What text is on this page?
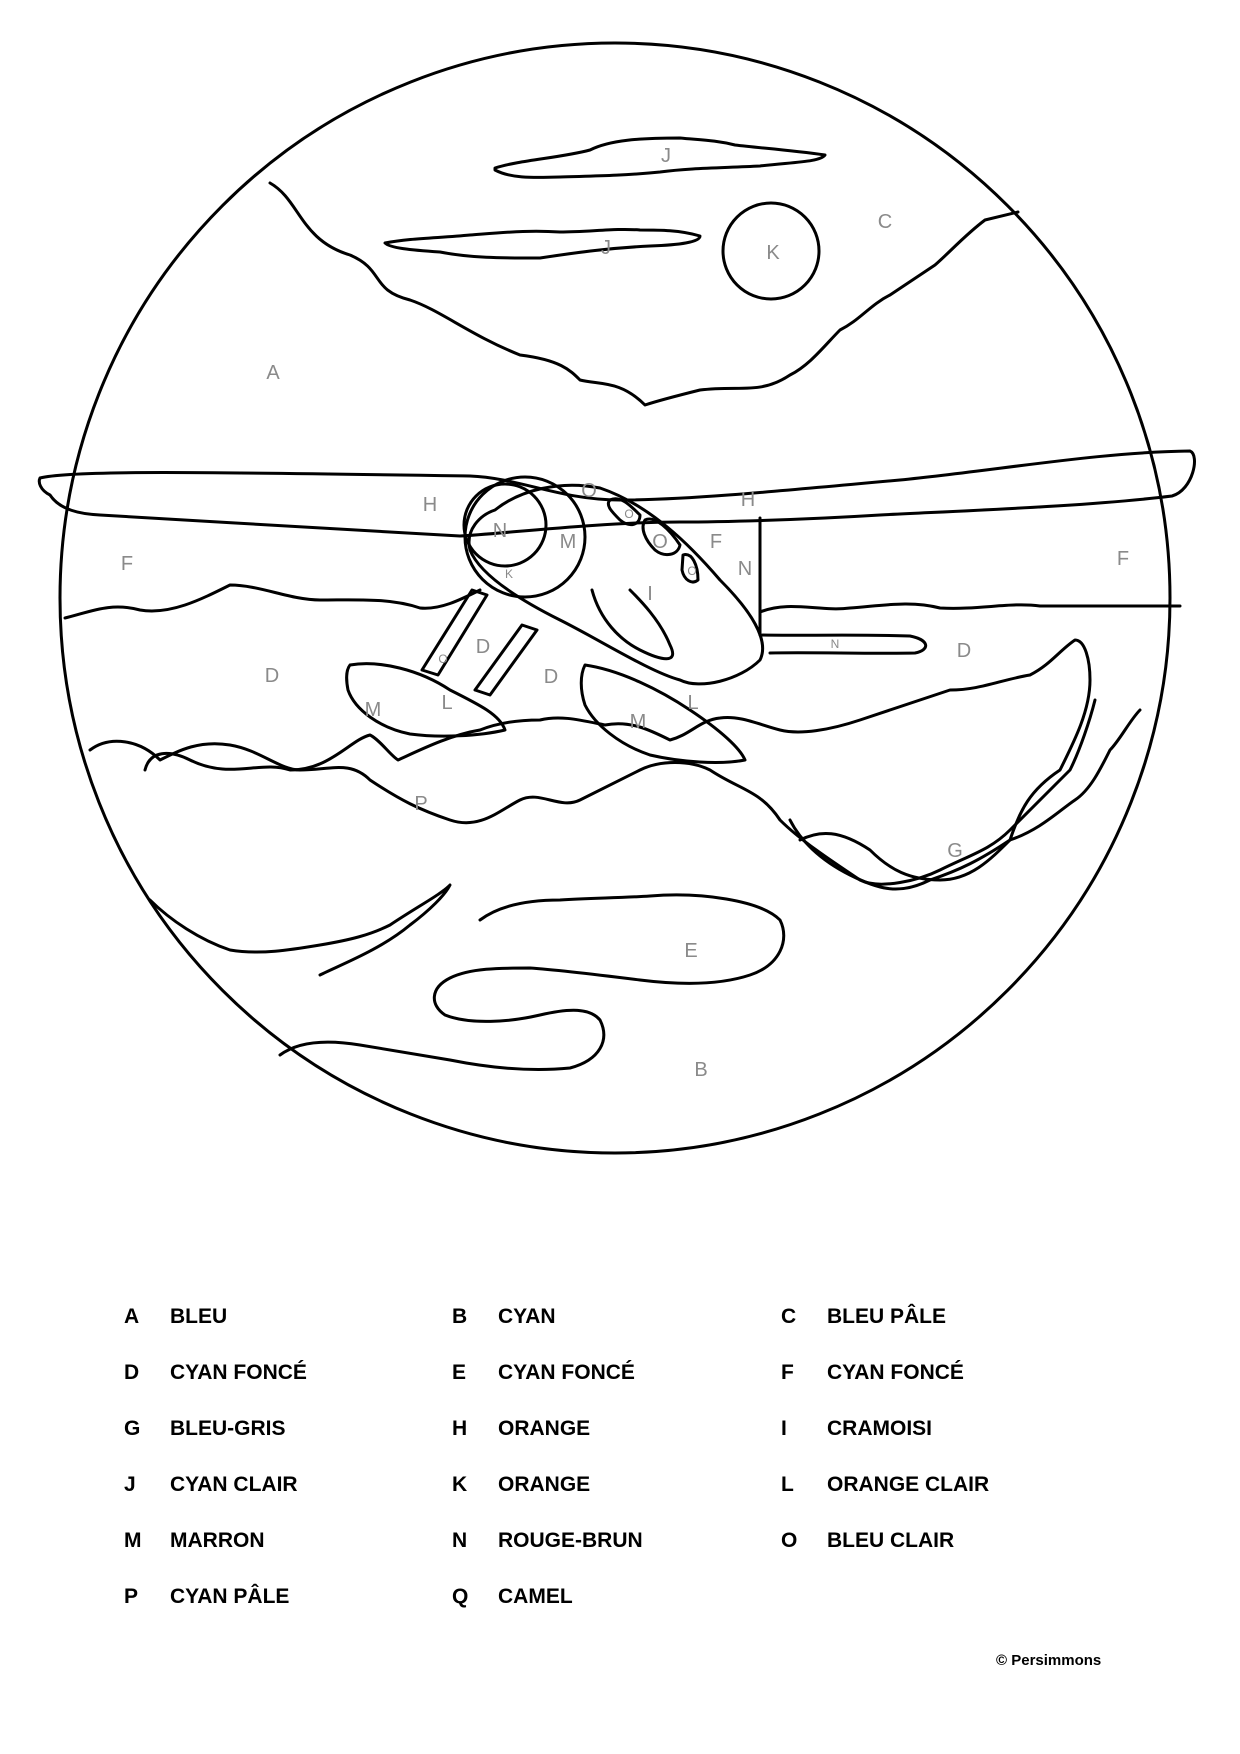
A
B
C
J
J	K
H	H
F	F
F
N
N
N
O
O
O
O
O
M
M
M
I
K
D
D
D
D
L	L
P
G
E
A BLEU	B CYAN	C BLEU PÂLE
D CYAN FONCÉ	E CYAN FONCÉ	F CYAN FONCÉ
G BLEU-GRIS	H ORANGE	I CRAMOISI
J CYAN CLAIR	K ORANGE	L ORANGE CLAIR
M MARRON	N ROUGE-BRUN	O BLEU CLAIR
P CYAN PÂLE	Q CAMEL
© Persimmons
